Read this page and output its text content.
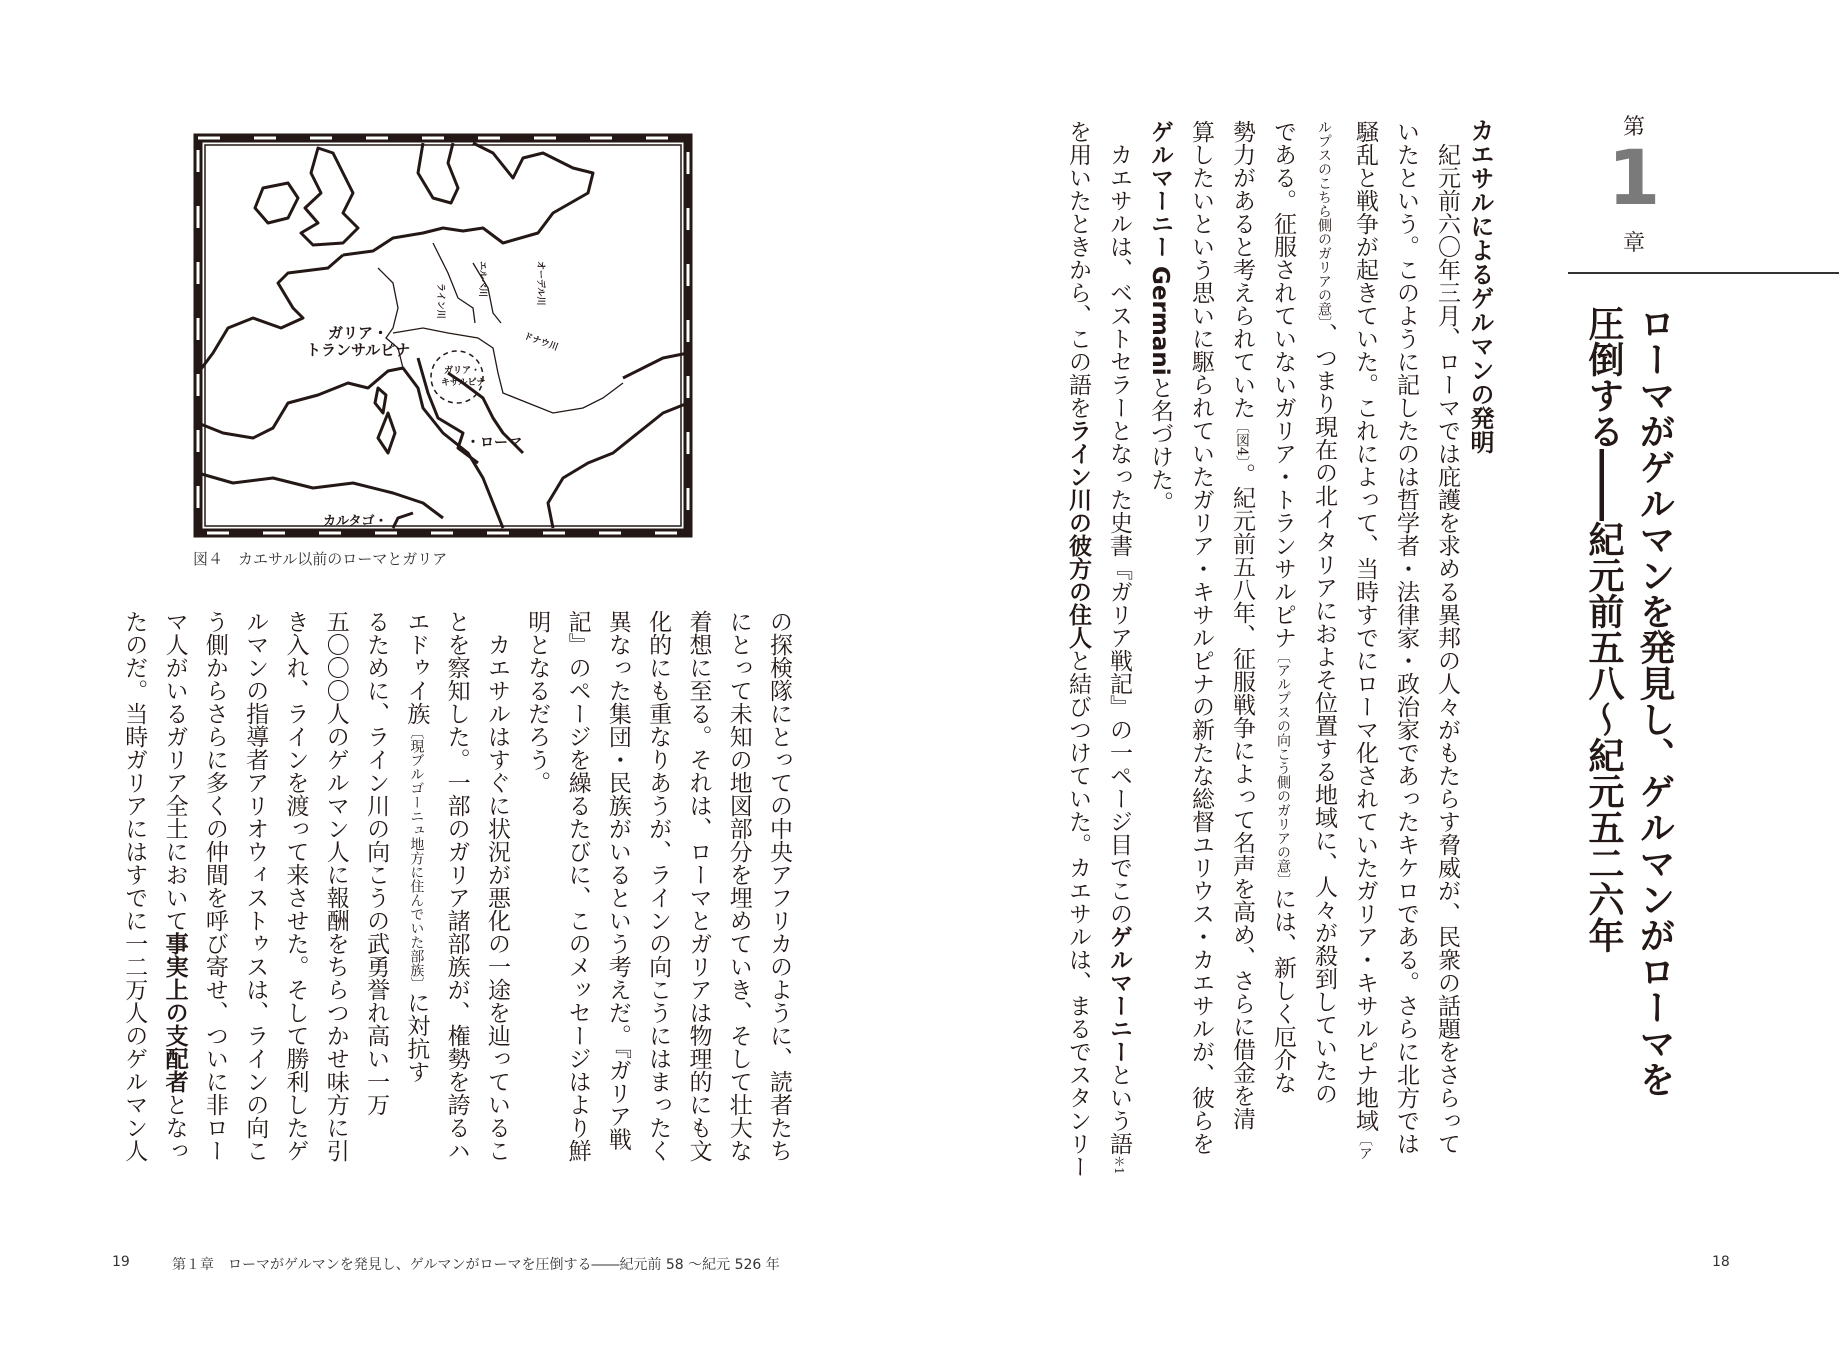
第
1
章
ローマがゲルマンを発見し、ゲルマンがローマを
圧倒する――紀元前五八～紀元五二六年
カエサルによるゲルマンの発明
　紀元前六〇年三月、ローマでは庇護を求める異邦の人々がもたらす脅威が、民衆の話題をさらって
いたという。このように記したのは哲学者・法律家・政治家であったキケロである。さらに北方では
騒乱と戦争が起きていた。これによって、当時すでにローマ化されていたガリア・キサルピナ地域〔ア
ルプスのこちら側のガリアの意〕、つまり現在の北イタリアにおよそ位置する地域に、人々が殺到していたの
である。征服されていないガリア・トランサルピナ〔アルプスの向こう側のガリアの意〕には、新しく厄介な
勢力があると考えられていた〔図4〕。紀元前五八年、征服戦争によって名声を高め、さらに借金を清
算したいという思いに駆られていたガリア・キサルピナの新たな総督ユリウス・カエサルが、彼らを
ゲルマーニー Germaniと名づけた。
　カエサルは、ベストセラーとなった史書『ガリア戦記』の一ページ目でこのゲルマーニーという語＊1
を用いたときから、この語をライン川の彼方の住人と結びつけていた。カエサルは、まるでスタンリー
ガリア・
トランサルピナ
ガリア・
キサルピナ
ライン川
エルベ川	オーデル川
ドナウ川
・ローマ
カルタゴ・
図４　カエサル以前のローマとガリア
の探検隊にとっての中央アフリカのように、読者たち
にとって未知の地図部分を埋めていき、そして壮大な
着想に至る。それは、ローマとガリアは物理的にも文
化的にも重なりあうが、ラインの向こうにはまったく
異なった集団・民族がいるという考えだ。『ガリア戦
記』のページを繰るたびに、このメッセージはより鮮
明となるだろう。
　カエサルはすぐに状況が悪化の一途を辿っているこ
とを察知した。一部のガリア諸部族が、権勢を誇るハ
エドゥイ族〔現ブルゴーニュ地方に住んでいた部族〕に対抗す
るために、ライン川の向こうの武勇誉れ高い一万
五〇〇〇人のゲルマン人に報酬をちらつかせ味方に引
き入れ、ラインを渡って来させた。そして勝利したゲ
ルマンの指導者アリオウィストゥスは、ラインの向こ
う側からさらに多くの仲間を呼び寄せ、ついに非ロー
マ人がいるガリア全土において事実上の支配者となっ
たのだ。当時ガリアにはすでに一二万人のゲルマン人
19	第１章　ローマがゲルマンを発見し、ゲルマンがローマを圧倒する――紀元前 58 ～紀元 526 年	18
